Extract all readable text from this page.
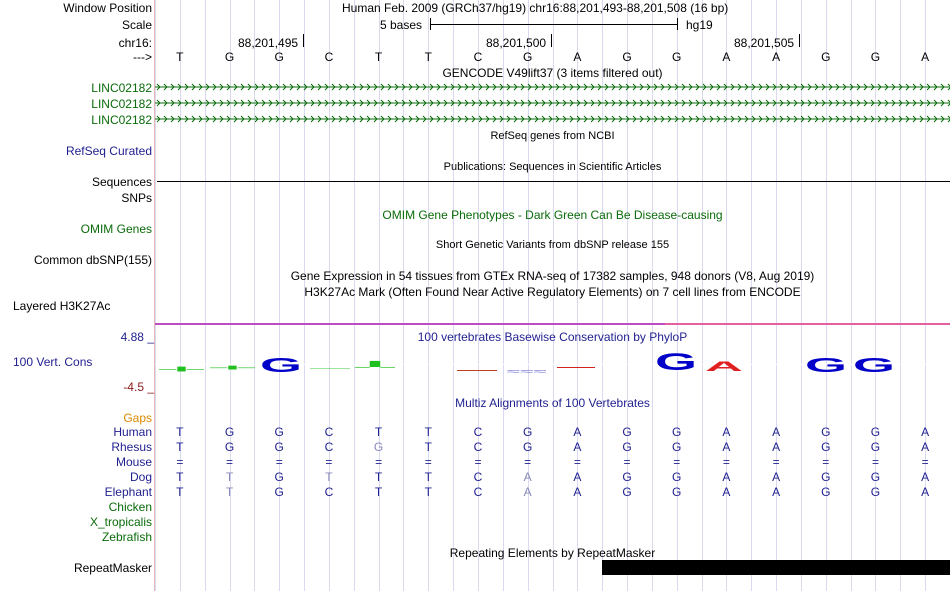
Window Position	Human Feb. 2009 (GRCh37/hg19) chr16:88,201,493-88,201,508 (16 bp)
Scale	5 bases	hg19
chr16:	88,201,495	88,201,500	88,201,505
--->	T	G	G	C	T	T	C	G	A	G	G	A	A	G	G	A
GENCODE V49lift37 (3 items filtered out)
LINC02182
LINC02182
LINC02182
RefSeq genes from NCBI
RefSeq Curated
Publications: Sequences in Scientific Articles
Sequences
SNPs
OMIM Gene Phenotypes - Dark Green Can Be Disease-causing
OMIM Genes
Short Genetic Variants from dbSNP release 155
Common dbSNP(155)
Gene Expression in 54 tissues from GTEx RNA-seq of 17382 samples, 948 donors (V8, Aug 2019)
H3K27Ac Mark (Often Found Near Active Regulatory Elements) on 7 cell lines from ENCODE
Layered H3K27Ac
100 vertebrates Basewise Conservation by PhyloP
4.88 _
100 Vert. Cons
-4.5 _
—■— —■— G ——— —▀—	≈≈≈	G A	G G
Multiz Alignments of 100 Vertebrates
Gaps
Human	T	G	G	C	T	T	C	G	A	G	G	A	A	G	G	A
Rhesus	T	G	G	C	G	T	C	G	A	G	G	A	A	G	G	A
Mouse	=	=	=	=	=	=	=	=	=	=	=	=	=	=	=	=
Dog	T	T	G	T	T	T	C	A	A	G	G	A	A	G	G	A
Elephant	T	T	G	C	T	T	C	A	A	G	G	A	A	G	G	A
Chicken
X_tropicalis
Zebrafish
Repeating Elements by RepeatMasker
RepeatMasker
